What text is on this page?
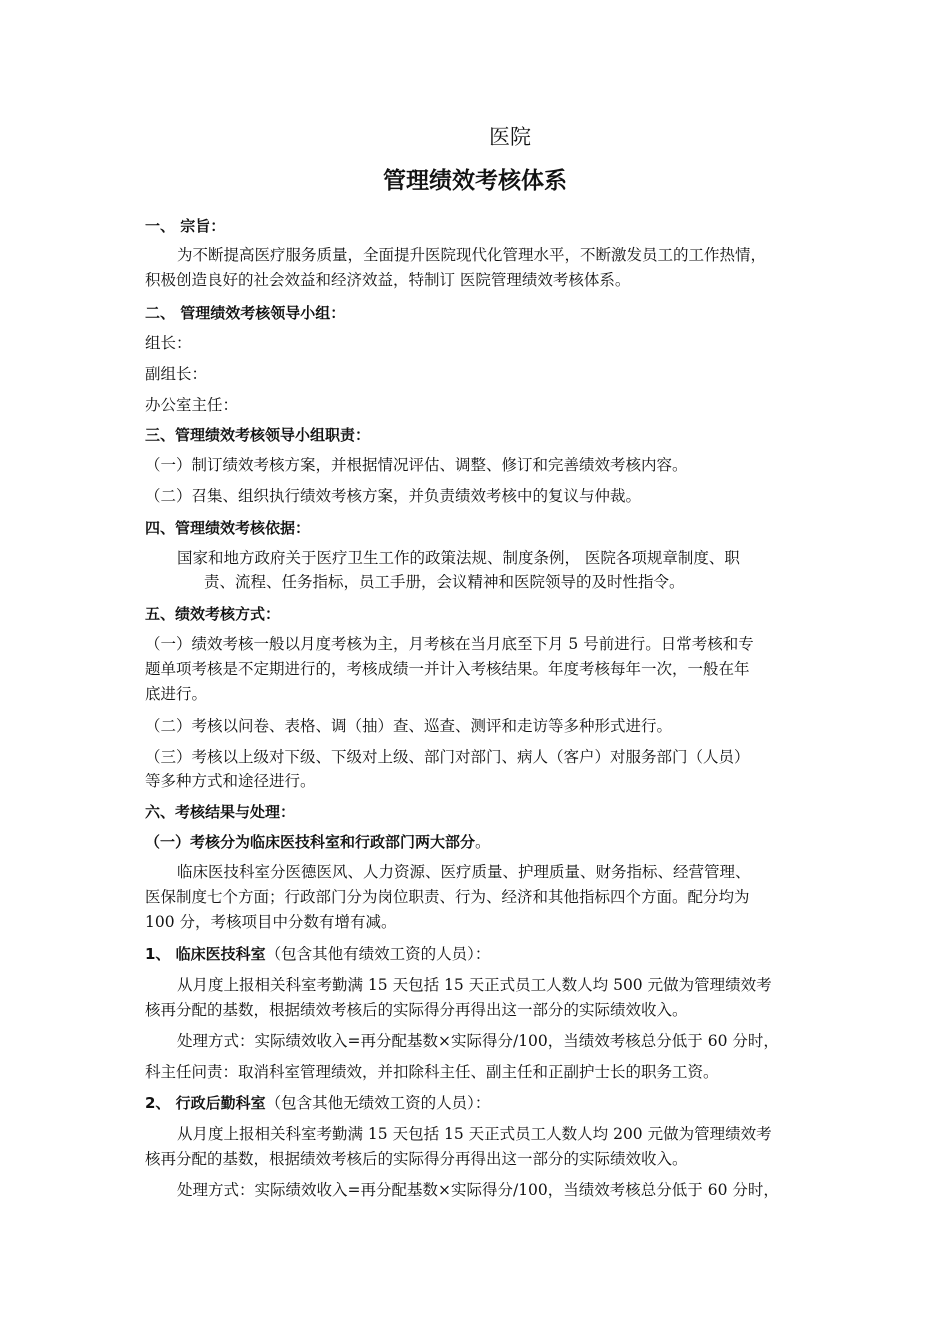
医院
管理绩效考核体系
一、 宗旨：
为不断提高医疗服务质量，全面提升医院现代化管理水平，不断激发员工的工作热情，
积极创造良好的社会效益和经济效益，特制订 医院管理绩效考核体系。
二、 管理绩效考核领导小组：
组长：
副组长：
办公室主任：
三、管理绩效考核领导小组职责：
（一）制订绩效考核方案，并根据情况评估、调整、修订和完善绩效考核内容。
（二）召集、组织执行绩效考核方案，并负责绩效考核中的复议与仲裁。
四、管理绩效考核依据：
国家和地方政府关于医疗卫生工作的政策法规、制度条例， 医院各项规章制度、职
责、流程、任务指标，员工手册，会议精神和医院领导的及时性指令。
五、绩效考核方式：
（一）绩效考核一般以月度考核为主，月考核在当月底至下月 5 号前进行。日常考核和专
题单项考核是不定期进行的，考核成绩一并计入考核结果。年度考核每年一次，一般在年
底进行。
（二）考核以问卷、表格、调（抽）查、巡查、测评和走访等多种形式进行。
（三）考核以上级对下级、下级对上级、部门对部门、病人（客户）对服务部门（人员）
等多种方式和途径进行。
六、考核结果与处理：
（一）考核分为临床医技科室和行政部门两大部分。
临床医技科室分医德医风、人力资源、医疗质量、护理质量、财务指标、经营管理、
医保制度七个方面；行政部门分为岗位职责、行为、经济和其他指标四个方面。配分均为
100 分，考核项目中分数有增有减。
1、 临床医技科室（包含其他有绩效工资的人员）：
从月度上报相关科室考勤满 15 天包括 15 天正式员工人数人均 500 元做为管理绩效考
核再分配的基数，根据绩效考核后的实际得分再得出这一部分的实际绩效收入。
处理方式：实际绩效收入=再分配基数×实际得分/100，当绩效考核总分低于 60 分时，
科主任问责：取消科室管理绩效，并扣除科主任、副主任和正副护士长的职务工资。
2、 行政后勤科室（包含其他无绩效工资的人员）：
从月度上报相关科室考勤满 15 天包括 15 天正式员工人数人均 200 元做为管理绩效考
核再分配的基数，根据绩效考核后的实际得分再得出这一部分的实际绩效收入。
处理方式：实际绩效收入=再分配基数×实际得分/100，当绩效考核总分低于 60 分时，
